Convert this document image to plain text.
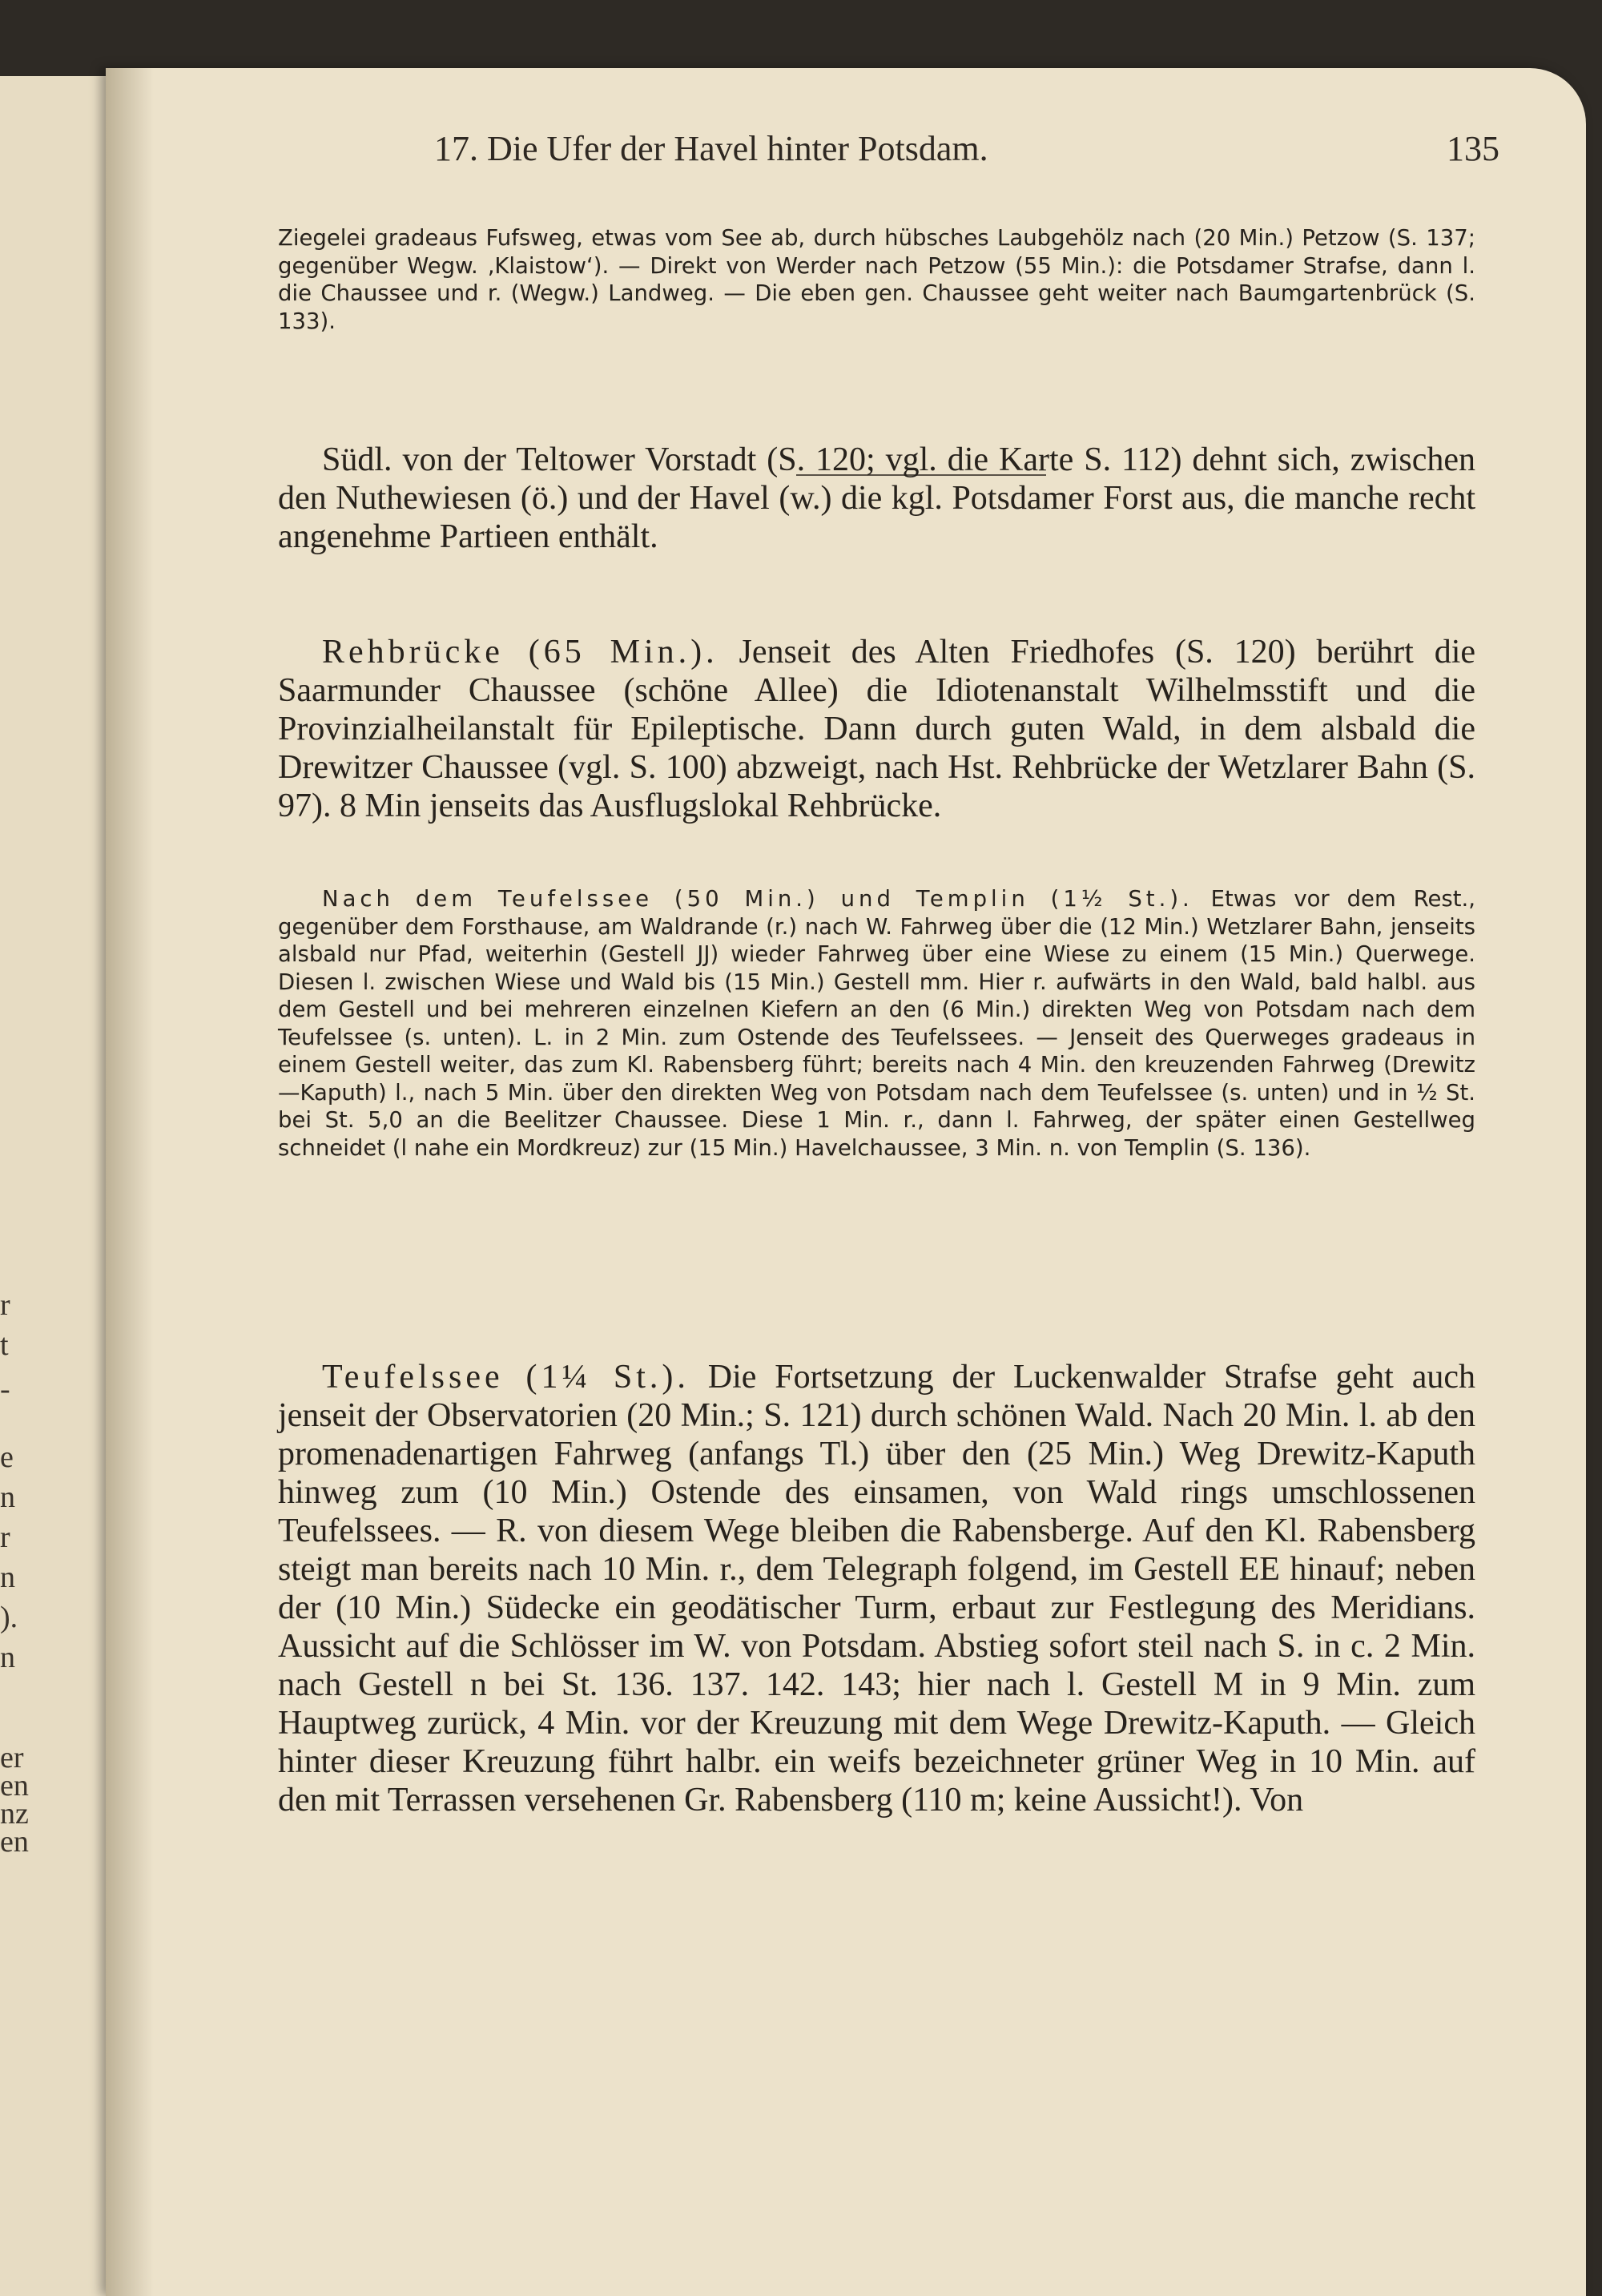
r
t
-
e
n
r
n
).
n
er
en
nz
en
17. Die Ufer der Havel hinter Potsdam.	135

Ziegelei gradeaus Fufsweg, etwas vom See ab, durch hübsches Laubgehölz nach (20 Min.) Petzow (S. 137; gegenüber Wegw. ‚Klaistow‘). — Direkt von Werder nach Petzow (55 Min.): die Potsdamer Strafse, dann l. die Chaussee und r. (Wegw.) Landweg. — Die eben gen. Chaussee geht weiter nach Baumgartenbrück (S. 133).

Südl. von der Teltower Vorstadt (S. 120; vgl. die Karte S. 112) dehnt sich, zwischen den Nuthewiesen (ö.) und der Havel (w.) die kgl. Potsdamer Forst aus, die manche recht angenehme Partieen enthält.

Rehbrücke (65 Min.). Jenseit des Alten Friedhofes (S. 120) berührt die Saarmunder Chaussee (schöne Allee) die Idiotenanstalt Wilhelmsstift und die Provinzialheilanstalt für Epileptische. Dann durch guten Wald, in dem alsbald die Drewitzer Chaussee (vgl. S. 100) abzweigt, nach Hst. Rehbrücke der Wetzlarer Bahn (S. 97). 8 Min jenseits das Ausflugslokal Rehbrücke.

Nach dem Teufelssee (50 Min.) und Templin (1½ St.). Etwas vor dem Rest., gegenüber dem Forsthause, am Waldrande (r.) nach W. Fahrweg über die (12 Min.) Wetzlarer Bahn, jenseits alsbald nur Pfad, weiterhin (Gestell JJ) wieder Fahrweg über eine Wiese zu einem (15 Min.) Querwege. Diesen l. zwischen Wiese und Wald bis (15 Min.) Gestell mm. Hier r. aufwärts in den Wald, bald halbl. aus dem Gestell und bei mehreren einzelnen Kiefern an den (6 Min.) direkten Weg von Potsdam nach dem Teufelssee (s. unten). L. in 2 Min. zum Ostende des Teufelssees. — Jenseit des Querweges gradeaus in einem Gestell weiter, das zum Kl. Rabensberg führt; bereits nach 4 Min. den kreuzenden Fahrweg (Drewitz—Kaputh) l., nach 5 Min. über den direkten Weg von Potsdam nach dem Teufelssee (s. unten) und in ½ St. bei St. 5,0 an die Beelitzer Chaussee. Diese 1 Min. r., dann l. Fahrweg, der später einen Gestellweg schneidet (l nahe ein Mordkreuz) zur (15 Min.) Havelchaussee, 3 Min. n. von Templin (S. 136).

Teufelssee (1¼ St.). Die Fortsetzung der Luckenwalder Strafse geht auch jenseit der Observatorien (20 Min.; S. 121) durch schönen Wald. Nach 20 Min. l. ab den promenadenartigen Fahrweg (anfangs Tl.) über den (25 Min.) Weg Drewitz-Kaputh hinweg zum (10 Min.) Ostende des einsamen, von Wald rings umschlossenen Teufelssees. — R. von diesem Wege bleiben die Rabensberge. Auf den Kl. Rabensberg steigt man bereits nach 10 Min. r., dem Telegraph folgend, im Gestell EE hinauf; neben der (10 Min.) Südecke ein geodätischer Turm, erbaut zur Festlegung des Meridians. Aussicht auf die Schlösser im W. von Potsdam. Abstieg sofort steil nach S. in c. 2 Min. nach Gestell n bei St. 136. 137. 142. 143; hier nach l. Gestell M in 9 Min. zum Hauptweg zurück, 4 Min. vor der Kreuzung mit dem Wege Drewitz-Kaputh. — Gleich hinter dieser Kreuzung führt halbr. ein weifs bezeichneter grüner Weg in 10 Min. auf den mit Terrassen versehenen Gr. Rabensberg (110 m; keine Aussicht!). Von
